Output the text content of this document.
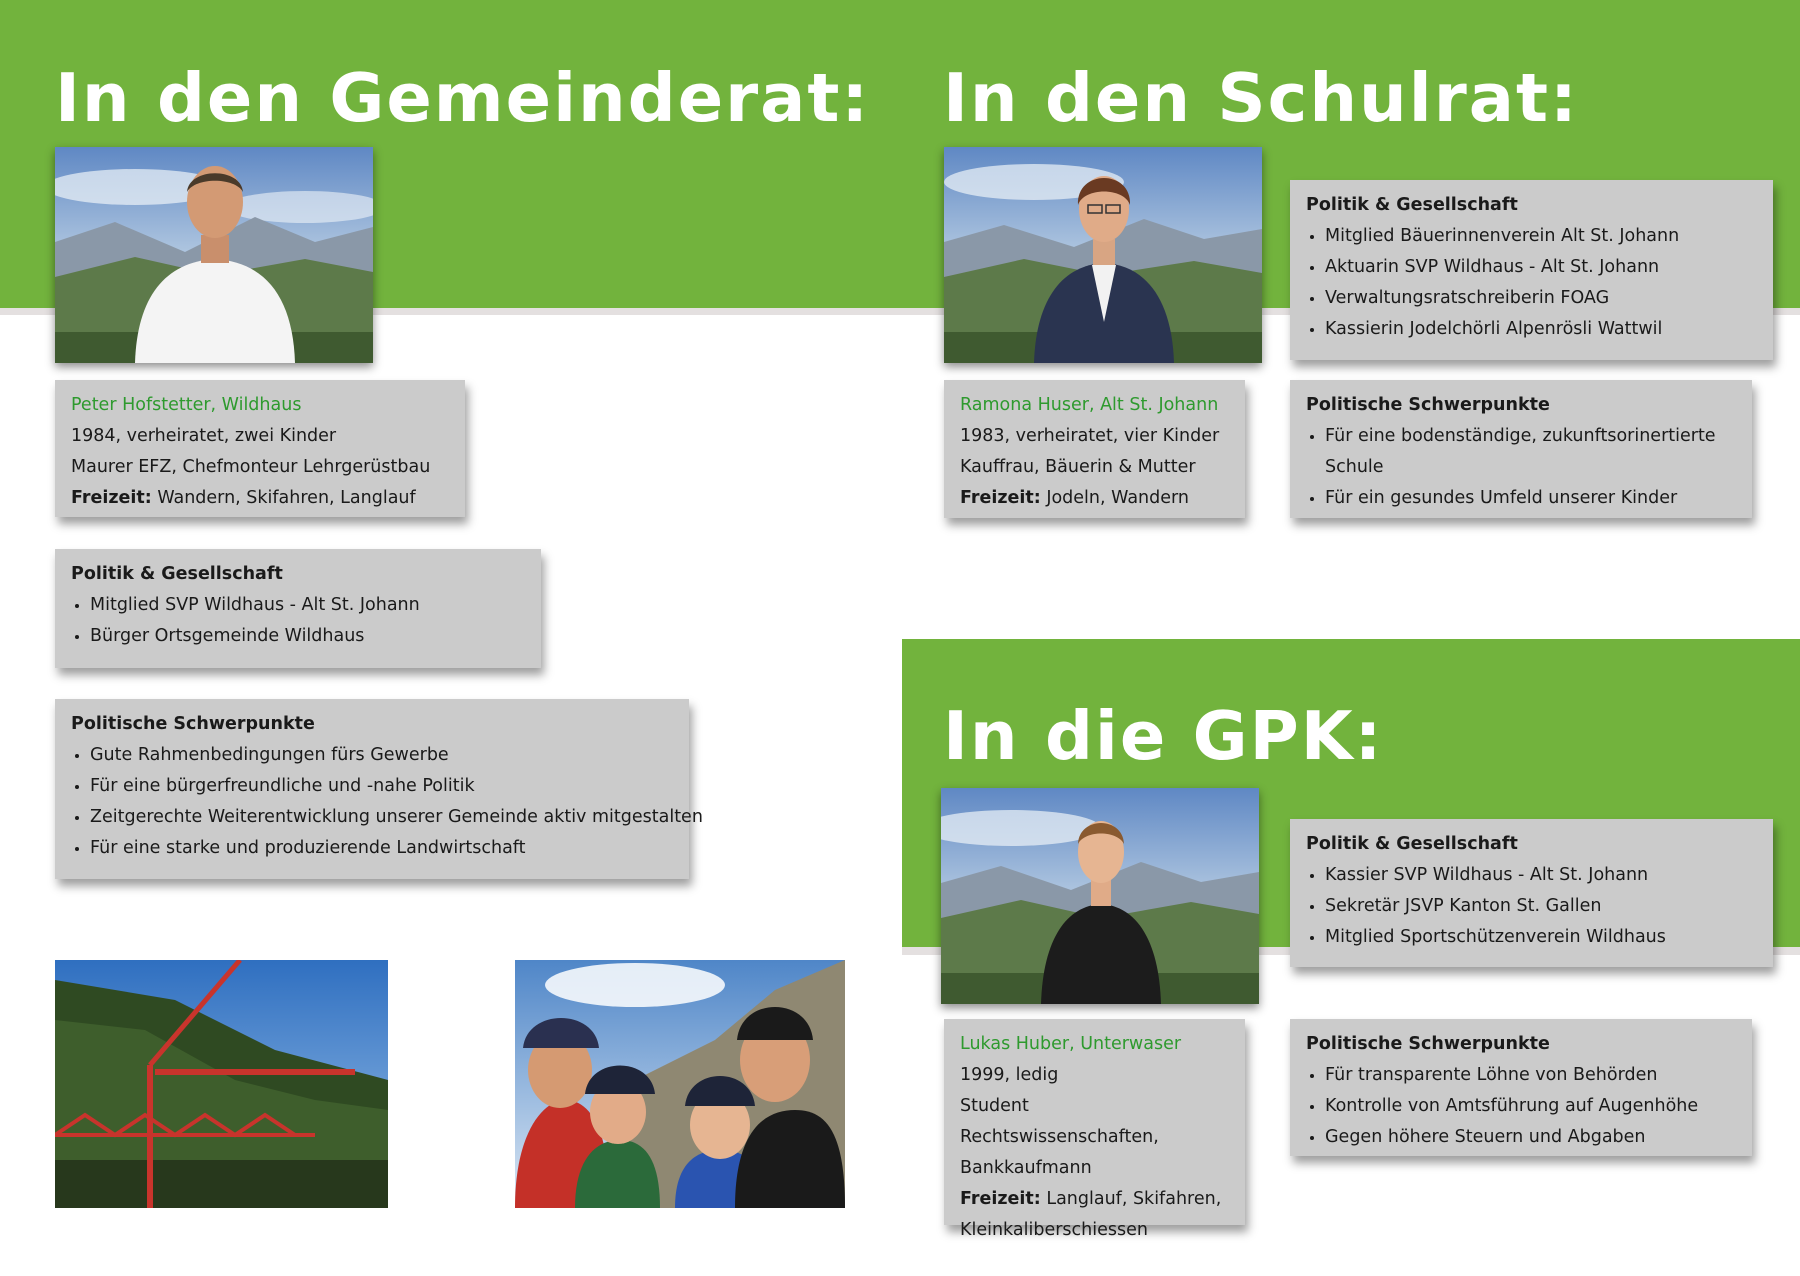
In den Gemeinderat: In den Schulrat:
In die GPK:
Peter Hofstetter, Wildhaus
1984, verheiratet, zwei Kinder
Maurer EFZ, Chefmonteur Lehrgerüstbau
Freizeit: Wandern, Skifahren, Langlauf
Politik & Gesellschaft
Mitglied SVP Wildhaus - Alt St. Johann
Bürger Ortsgemeinde Wildhaus
Politische Schwerpunkte
Gute Rahmenbedingungen fürs Gewerbe
Für eine bürgerfreundliche und -nahe Politik
Zeitgerechte Weiterentwicklung unserer Gemeinde aktiv mitgestalten
Für eine starke und produzierende Landwirtschaft
Politik & Gesellschaft
Mitglied Bäuerinnenverein Alt St. Johann
Aktuarin SVP Wildhaus - Alt St. Johann
Verwaltungsratschreiberin FOAG
Kassierin Jodelchörli Alpenrösli Wattwil
Ramona Huser, Alt St. Johann
1983, verheiratet, vier Kinder
Kauffrau, Bäuerin & Mutter
Freizeit: Jodeln, Wandern
Politische Schwerpunkte
Für eine bodenständige, zukunftsorinertierte Schule
Für ein gesundes Umfeld unserer Kinder
Politik & Gesellschaft
Kassier SVP Wildhaus - Alt St. Johann
Sekretär JSVP Kanton St. Gallen
Mitglied Sportschützenverein Wildhaus
Lukas Huber, Unterwaser
1999, ledig
Student Rechtswissenschaften, Bankkaufmann
Freizeit: Langlauf, Skifahren, Kleinkaliberschiessen
Politische Schwerpunkte
Für transparente Löhne von Behörden
Kontrolle von Amtsführung auf Augenhöhe
Gegen höhere Steuern und Abgaben
